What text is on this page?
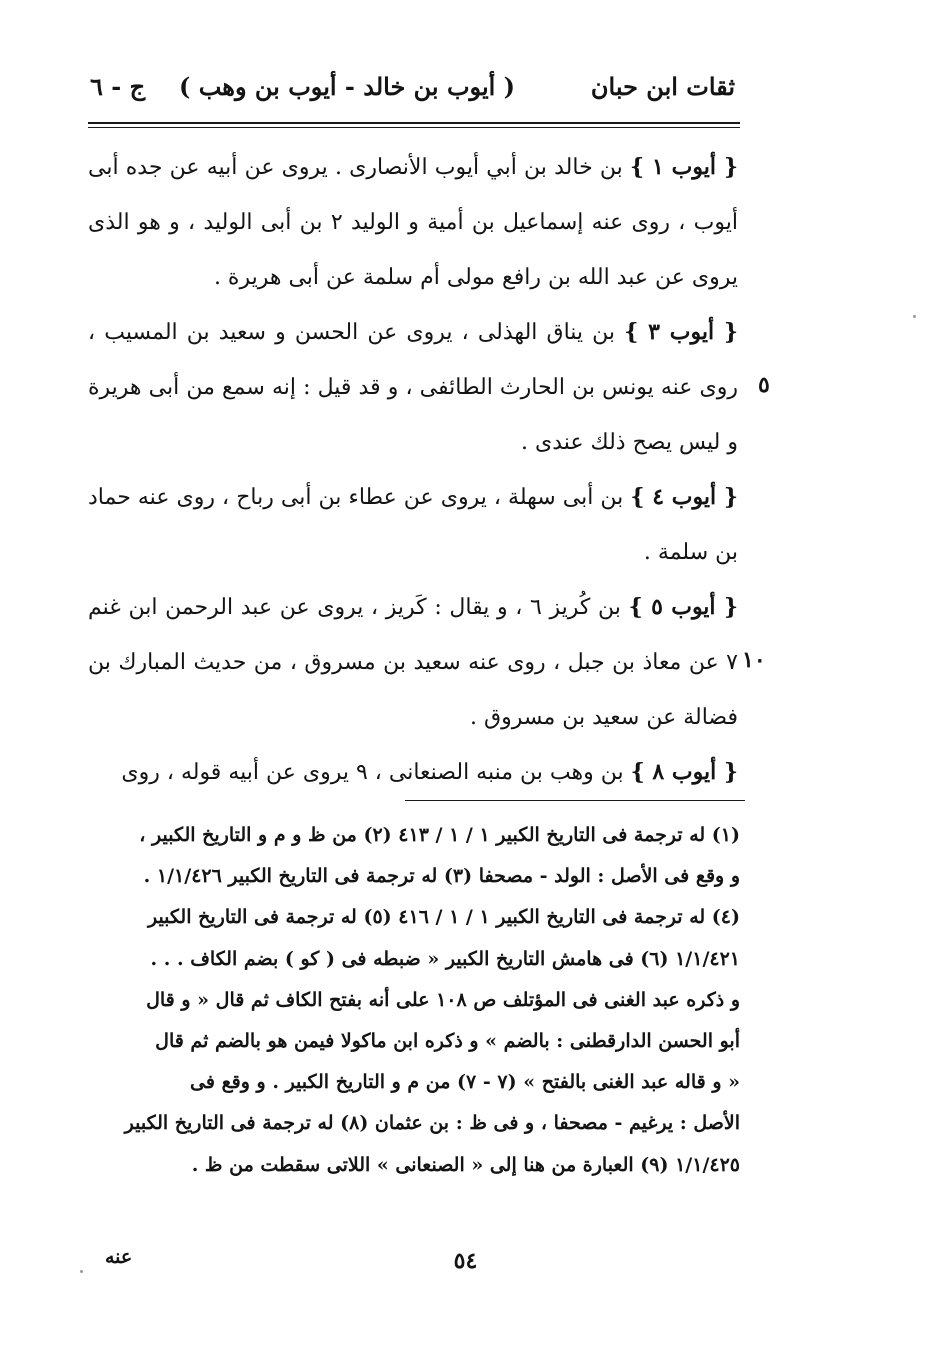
ثقات ابن حبان
( أيوب بن خالد - أيوب بن وهب )
ج - ٦

{ أيوب ١ } بن خالد بن أبي أيوب الأنصارى . يروى عن أبيه عن جده أبى أيوب ، روى عنه إسماعيل بن أمية و الوليد ٢ بن أبى الوليد ، و هو الذى يروى عن عبد الله بن رافع مولى أم سلمة عن أبى هريرة .

{ أيوب ٣ } بن يناق الهذلى ، يروى عن الحسن و سعيد بن المسيب ، روى عنه يونس بن الحارث الطائفى ، و قد قيل : إنه سمع من أبى هريرة و ليس يصح ذلك عندى .

{ أيوب ٤ } بن أبى سهلة ، يروى عن عطاء بن أبى رباح ، روى عنه حماد بن سلمة .

{ أيوب ٥ } بن كُريز ٦ ، و يقال : كَريز ، يروى عن عبد الرحمن ابن غنم ٧ عن معاذ بن جبل ، روى عنه سعيد بن مسروق ، من حديث المبارك بن فضالة عن سعيد بن مسروق .

{ أيوب ٨ } بن وهب بن منبه الصنعانى ، ٩ يروى عن أبيه قوله ، روى

٥
١٠

(١) له ترجمة فى التاريخ الكبير ١ / ١ / ٤١٣ (٢) من ظ و م و التاريخ الكبير ،

و وقع فى الأصل : الولد - مصحفا (٣) له ترجمة فى التاريخ الكبير ١/١/٤٢٦ .

(٤) له ترجمة فى التاريخ الكبير ١ / ١ / ٤١٦ (٥) له ترجمة فى التاريخ الكبير

١/١/٤٢١ (٦) فى هامش التاريخ الكبير « ضبطه فى ( كو ) بضم الكاف . . .

و ذكره عبد الغنى فى المؤتلف ص ١٠٨ على أنه بفتح الكاف ثم قال « و قال

أبو الحسن الدارقطنى : بالضم » و ذكره ابن ماكولا فيمن هو بالضم ثم قال

« و قاله عبد الغنى بالفتح » (٧ - ٧) من م و التاريخ الكبير . و وقع فى

الأصل : يرغيم - مصحفا ، و فى ظ : بن عثمان (٨) له ترجمة فى التاريخ الكبير

١/١/٤٢٥ (٩) العبارة من هنا إلى « الصنعانى » اللاتى سقطت من ظ .

٥٤
عنه
